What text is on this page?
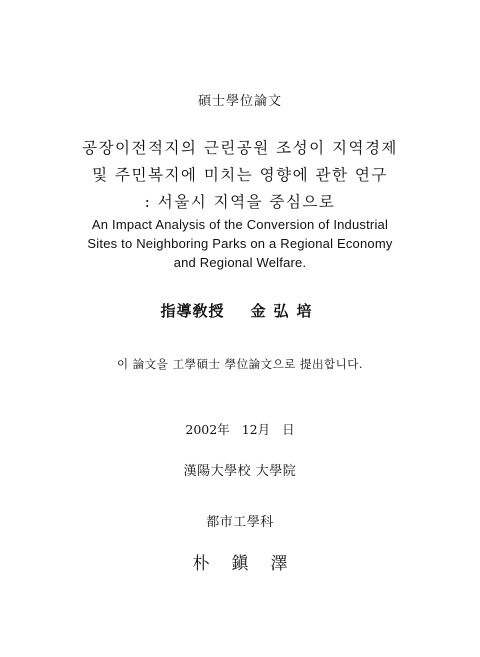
碩士學位論文
공장이전적지의 근린공원 조성이 지역경제
및 주민복지에 미치는 영향에 관한 연구
: 서울시 지역을 중심으로
An Impact Analysis of the Conversion of Industrial
Sites to Neighboring Parks on a Regional Economy
and Regional Welfare.
指導敎授 金弘培
이 論文을 工學碩士 學位論文으로 提出합니다.
2002年 12月 日
漢陽大學校 大學院
都市工學科
朴鎭澤
